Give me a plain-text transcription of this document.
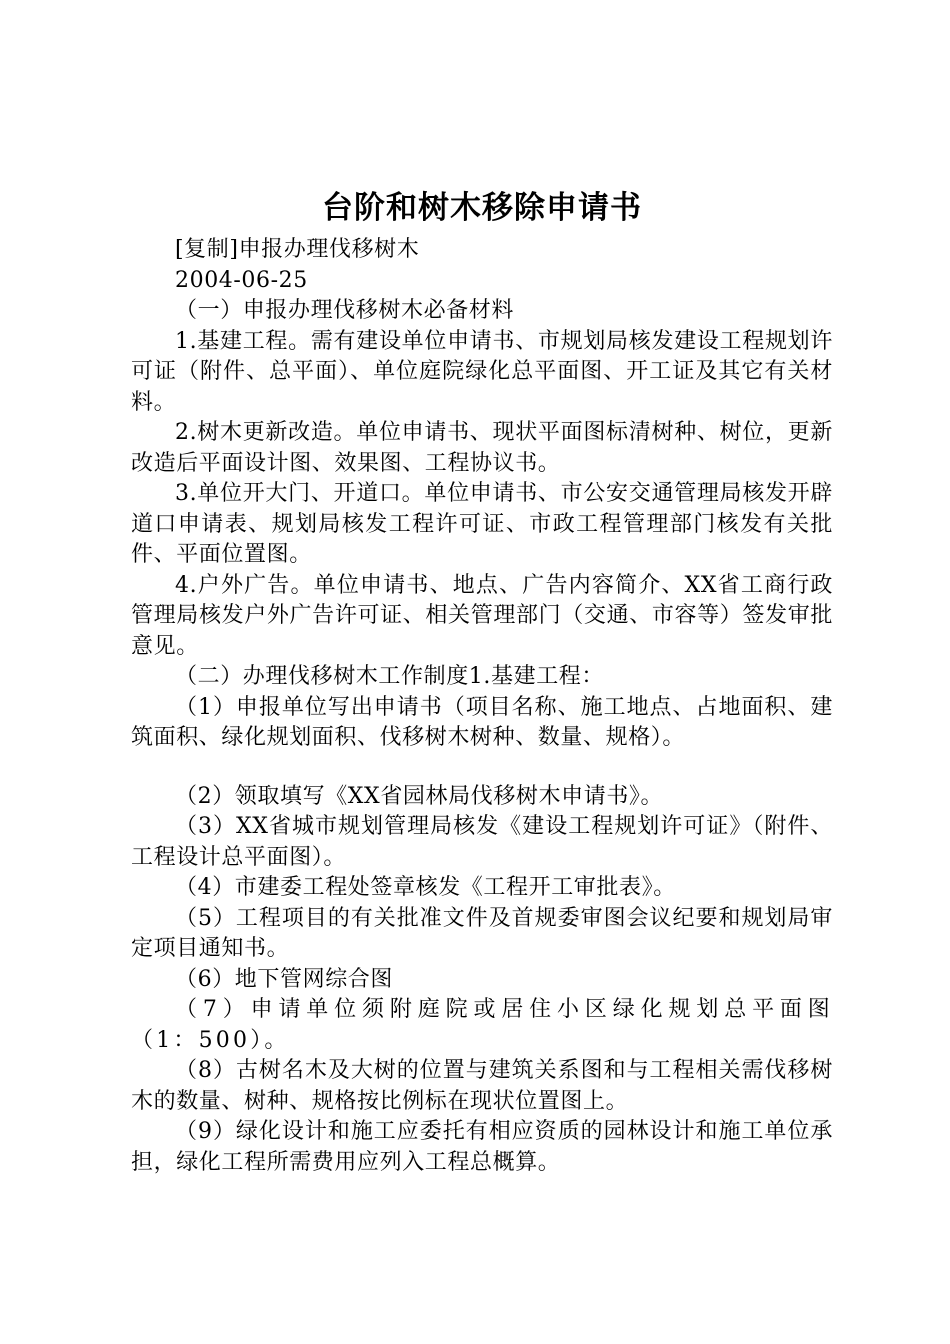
台阶和树木移除申请书

[复制]申报办理伐移树木

2004-06-25

（一）申报办理伐移树木必备材料

1.基建工程。需有建设单位申请书、市规划局核发建设工程规划许可证（附件、总平面）、单位庭院绿化总平面图、开工证及其它有关材料。

2.树木更新改造。单位申请书、现状平面图标清树种、树位，更新改造后平面设计图、效果图、工程协议书。

3.单位开大门、开道口。单位申请书、市公安交通管理局核发开辟道口申请表、规划局核发工程许可证、市政工程管理部门核发有关批件、平面位置图。

4.户外广告。单位申请书、地点、广告内容简介、XX省工商行政管理局核发户外广告许可证、相关管理部门（交通、市容等）签发审批意见。

（二）办理伐移树木工作制度1.基建工程：

（1）申报单位写出申请书（项目名称、施工地点、占地面积、建筑面积、绿化规划面积、伐移树木树种、数量、规格）。

（2）领取填写《XX省园林局伐移树木申请书》。

（3）XX省城市规划管理局核发《建设工程规划许可证》（附件、工程设计总平面图）。

（4）市建委工程处签章核发《工程开工审批表》。

（5）工程项目的有关批准文件及首规委审图会议纪要和规划局审定项目通知书。

（6）地下管网综合图

（7）申请单位须附庭院或居住小区绿化规划总平面图（1：500）。

（8）古树名木及大树的位置与建筑关系图和与工程相关需伐移树木的数量、树种、规格按比例标在现状位置图上。

（9）绿化设计和施工应委托有相应资质的园林设计和施工单位承担，绿化工程所需费用应列入工程总概算。
